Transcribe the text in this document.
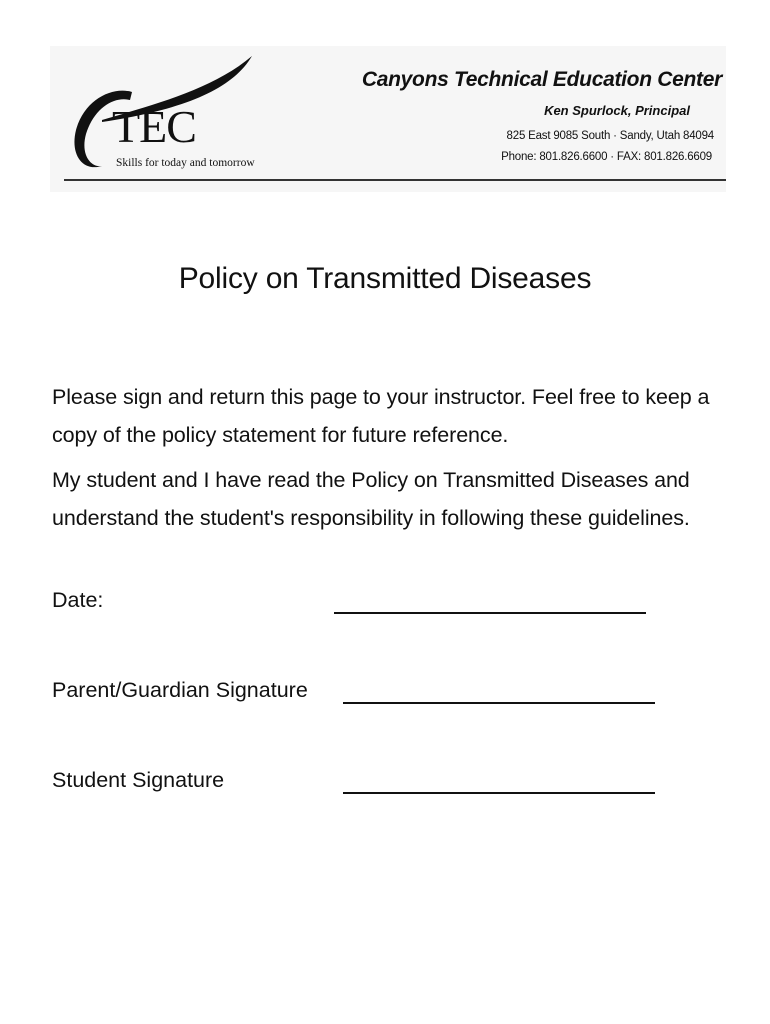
TEC
Skills for today and tomorrow
Canyons Technical Education Center
Ken Spurlock, Principal
825 East 9085 South · Sandy, Utah 84094
Phone: 801.826.6600 · FAX: 801.826.6609
Policy on Transmitted Diseases
Please sign and return this page to your instructor. Feel free to keep a copy of the policy statement for future reference.
My student and I have read the Policy on Transmitted Diseases and understand the student's responsibility in following these guidelines.
Date:
Parent/Guardian Signature
Student Signature
